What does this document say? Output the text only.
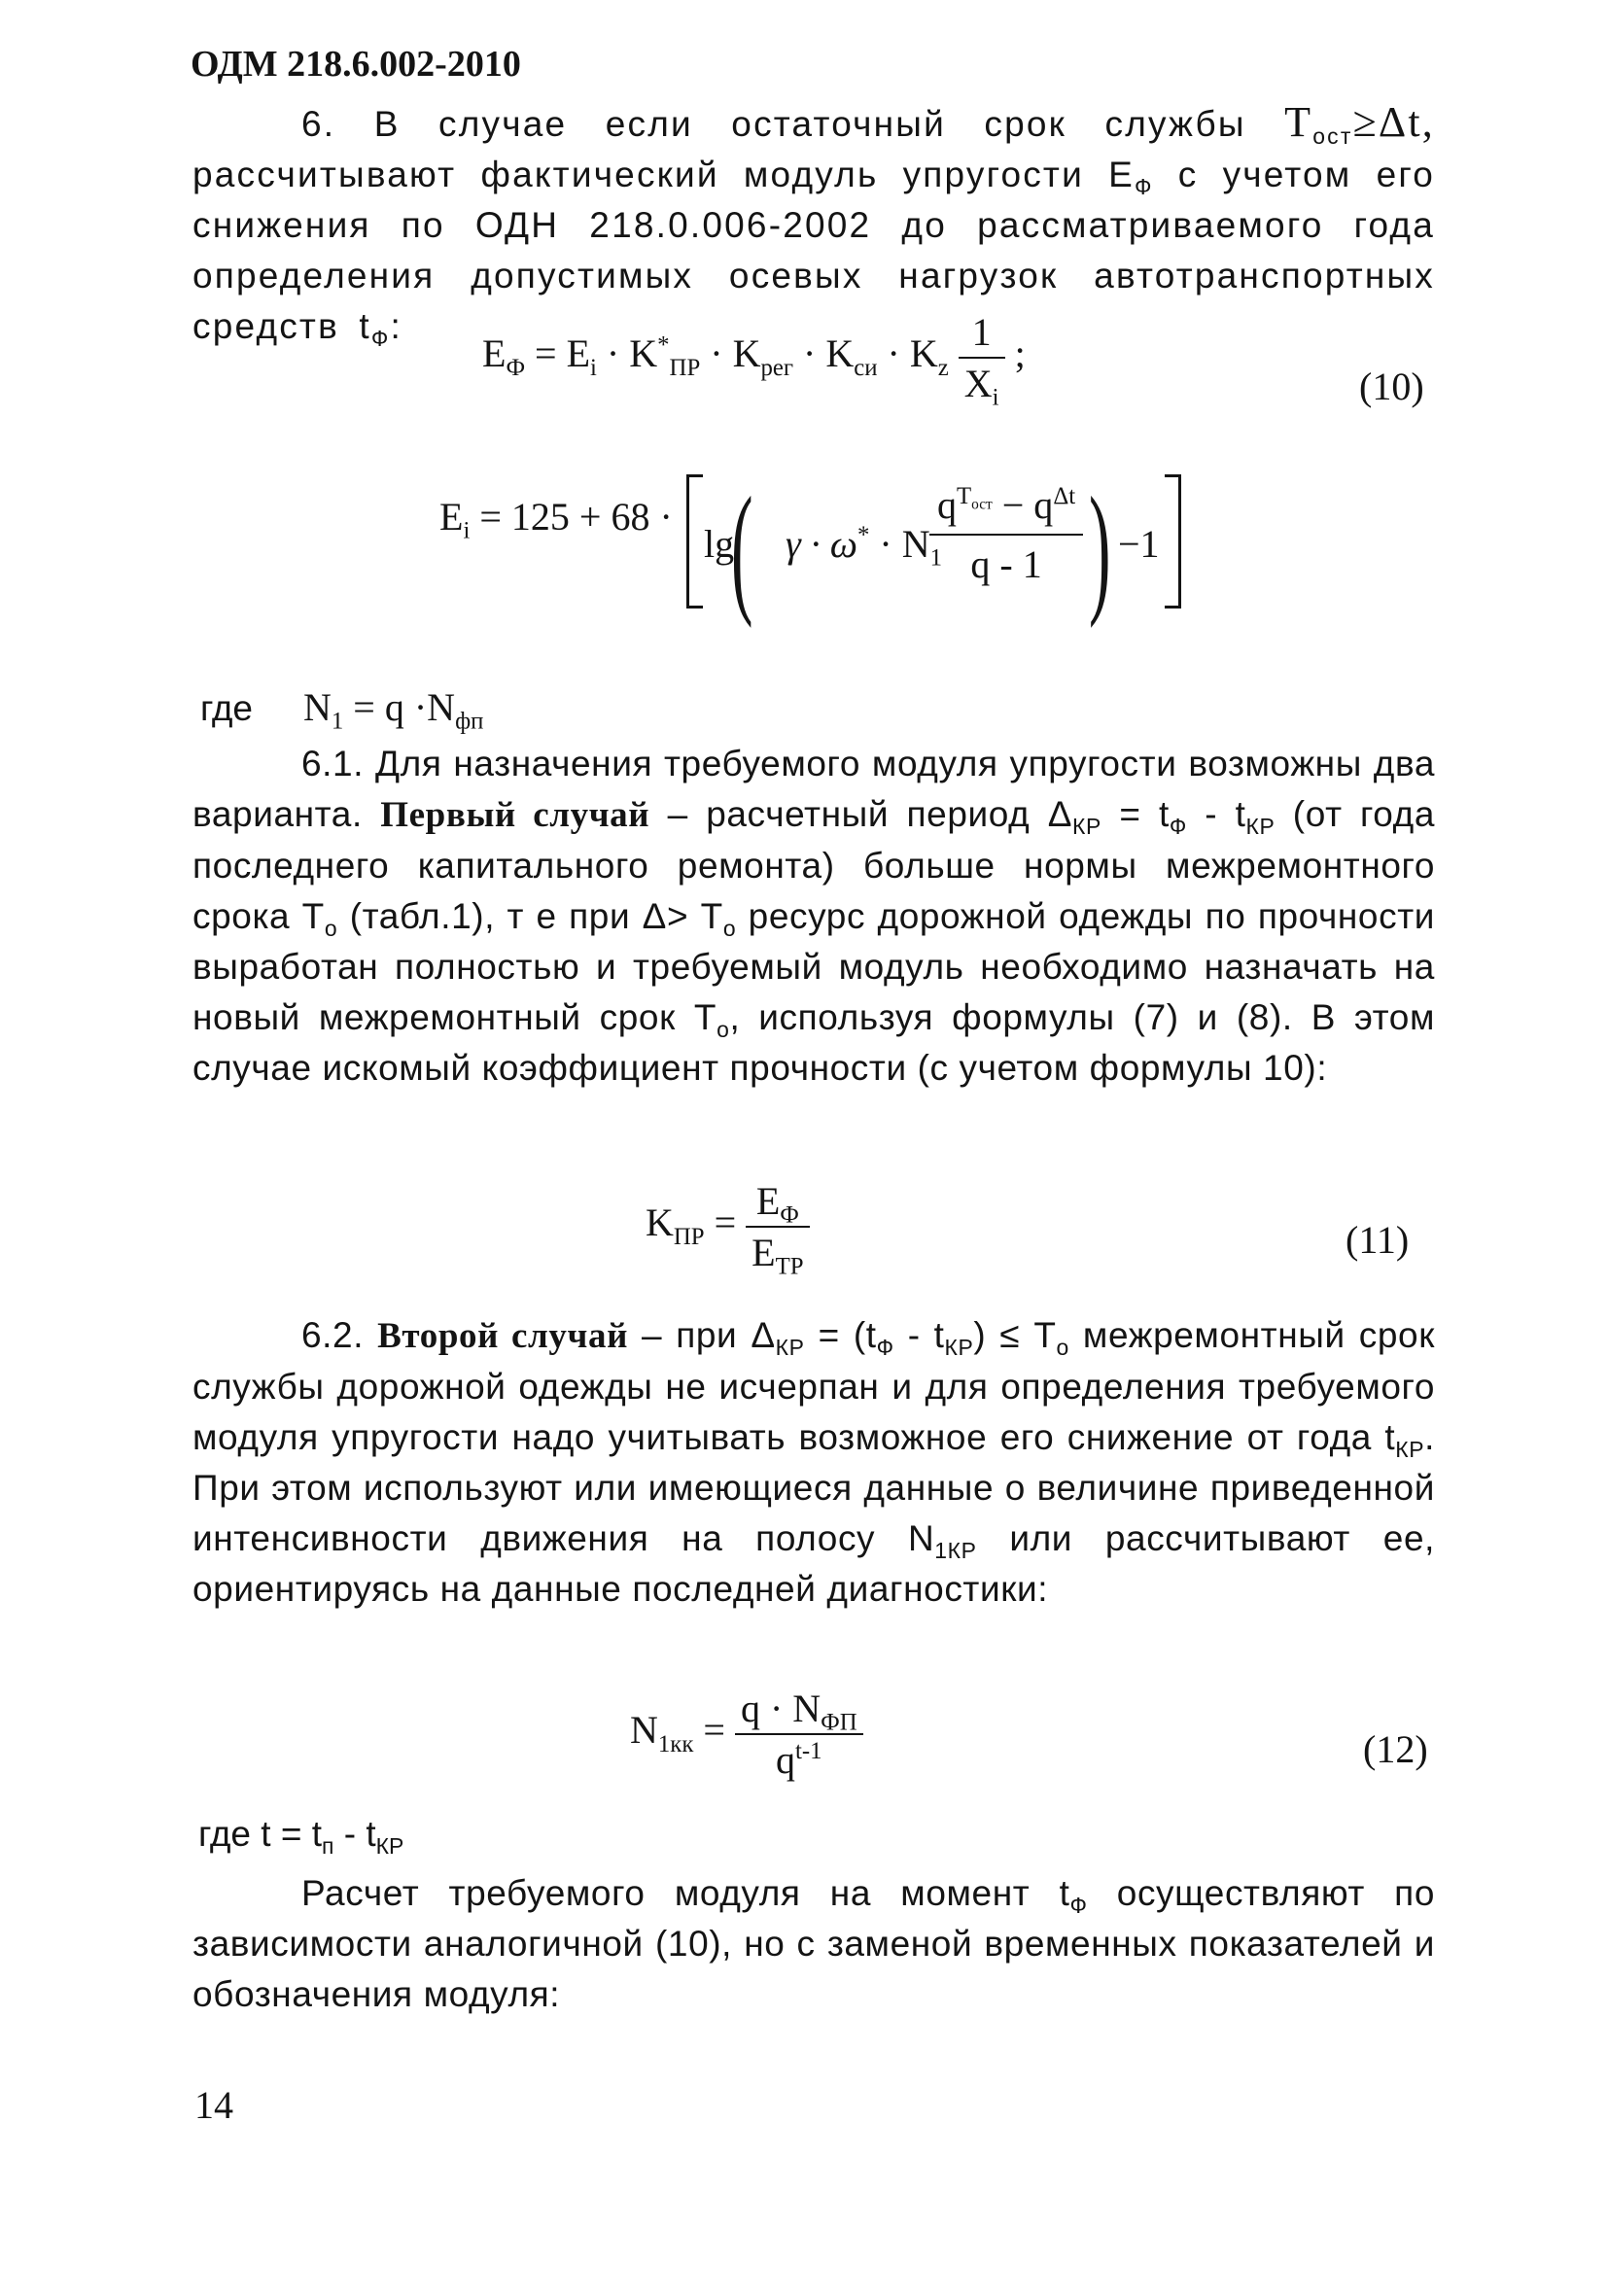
ОДМ 218.6.002-2010

6. В случае если остаточный срок службы $T_{ост}\ge\Delta t$, рассчитывают фактический модуль упругости $Е_Ф$ с учетом его снижения по ОДН 218.0.006-2002 до рассматриваемого года определения допустимых осевых нагрузок автотранспортных средств $t_Ф$:

$E_Ф = E_i \cdot K^*_{ПР} \cdot K_{рег} \cdot K_{си} \cdot K_z \frac{1}{X_i}$ ;
(10)
$E_i = 125 + 68$ ·
lg
( $\gamma \cdot \omega^* \cdot N_1$
$\frac{q^{T_{ост}} - q^{\Delta t}}{q - 1}$ ) −1
где $N_1 = q \cdot N_{фп}$

6.1. Для назначения требуемого модуля упругости возможны два варианта. Первый случай – расчетный период $\Delta_{КР} = t_Ф - t_{КР}$ (от года последнего капитального ремонта) больше нормы межремонтного срока $Т_о$ (табл.1), т е при $\Delta> Т_о$ ресурс дорожной одежды по прочности выработан полностью и требуемый модуль необходимо назначать на новый межремонтный срок $Т_о$, используя формулы (7) и (8). В этом случае искомый коэффициент прочности (с учетом формулы 10):

$K_{ПР} = \frac{E_Ф}{E_{ТР}}$	(11)

6.2. Второй случай – при $\Delta_{КР} = (t_Ф - t_{КР}) \le Т_о$ межремонтный срок службы дорожной одежды не исчерпан и для определения требуемого модуля упругости надо учитывать возможное его снижение от года $t_{КР}$. При этом используют или имеющиеся данные о величине приведенной интенсивности движения на полосу $N_{1КР}$ или рассчитывают ее, ориентируясь на данные последней диагностики:

$N_{1кк} = \frac{q \cdot N_{ФП}}{q^{t-1}}$	(12)
где $t = t_п - t_{КР}$

Расчет требуемого модуля на момент $t_Ф$ осуществляют по зависимости аналогичной (10), но с заменой временных показателей и обозначения модуля:

14
